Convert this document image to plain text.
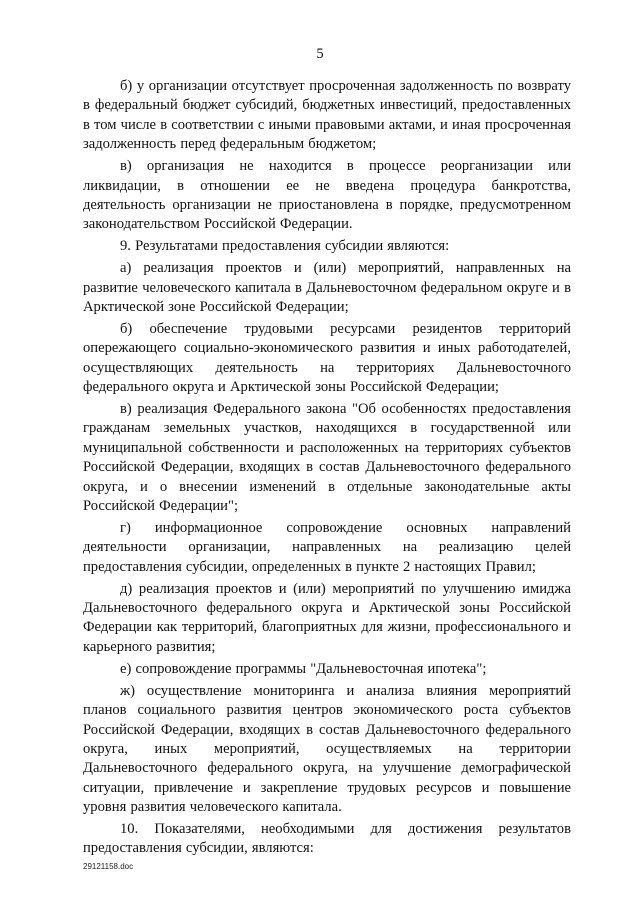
5

б) у организации отсутствует просроченная задолженность по возврату в федеральный бюджет субсидий, бюджетных инвестиций, предоставленных в том числе в соответствии с иными правовыми актами, и иная просроченная задолженность перед федеральным бюджетом;

в) организация не находится в процессе реорганизации или ликвидации, в отношении ее не введена процедура банкротства, деятельность организации не приостановлена в порядке, предусмотренном законодательством Российской Федерации.

9. Результатами предоставления субсидии являются:

а) реализация проектов и (или) мероприятий, направленных на развитие человеческого капитала в Дальневосточном федеральном округе и в Арктической зоне Российской Федерации;

б) обеспечение трудовыми ресурсами резидентов территорий опережающего социально-экономического развития и иных работодателей, осуществляющих деятельность на территориях Дальневосточного федерального округа и Арктической зоны Российской Федерации;

в) реализация Федерального закона "Об особенностях предоставления гражданам земельных участков, находящихся в государственной или муниципальной собственности и расположенных на территориях субъектов Российской Федерации, входящих в состав Дальневосточного федерального округа, и о внесении изменений в отдельные законодательные акты Российской Федерации";

г) информационное сопровождение основных направлений деятельности организации, направленных на реализацию целей предоставления субсидии, определенных в пункте 2 настоящих Правил;

д) реализация проектов и (или) мероприятий по улучшению имиджа Дальневосточного федерального округа и Арктической зоны Российской Федерации как территорий, благоприятных для жизни, профессионального и карьерного развития;

е) сопровождение программы "Дальневосточная ипотека";

ж) осуществление мониторинга и анализа влияния мероприятий планов социального развития центров экономического роста субъектов Российской Федерации, входящих в состав Дальневосточного федерального округа, иных мероприятий, осуществляемых на территории Дальневосточного федерального округа, на улучшение демографической ситуации, привлечение и закрепление трудовых ресурсов и повышение уровня развития человеческого капитала.

10. Показателями, необходимыми для достижения результатов предоставления субсидии, являются:

29121158.doc
